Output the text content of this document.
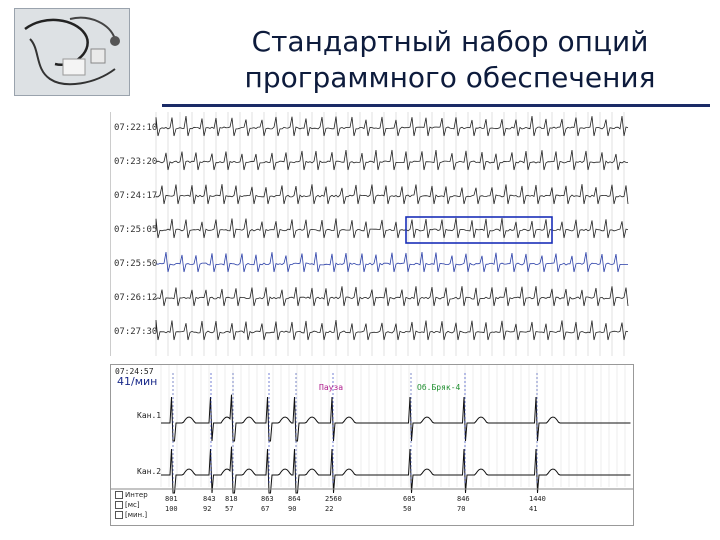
Стандартный набор опций
программного обеспечения
07:22:10
07:23:20
07:24:17
07:25:05
07:25:50
07:26:12
07:27:30
07:24:57
41/мин
Кан.1
Кан.2
Пауза	Об.Бряк-4
Интер
[мс]
[мин.]
801	843 818	863 864	2560	605	846	1440
100	92 57	67	90	22	50	70	41
